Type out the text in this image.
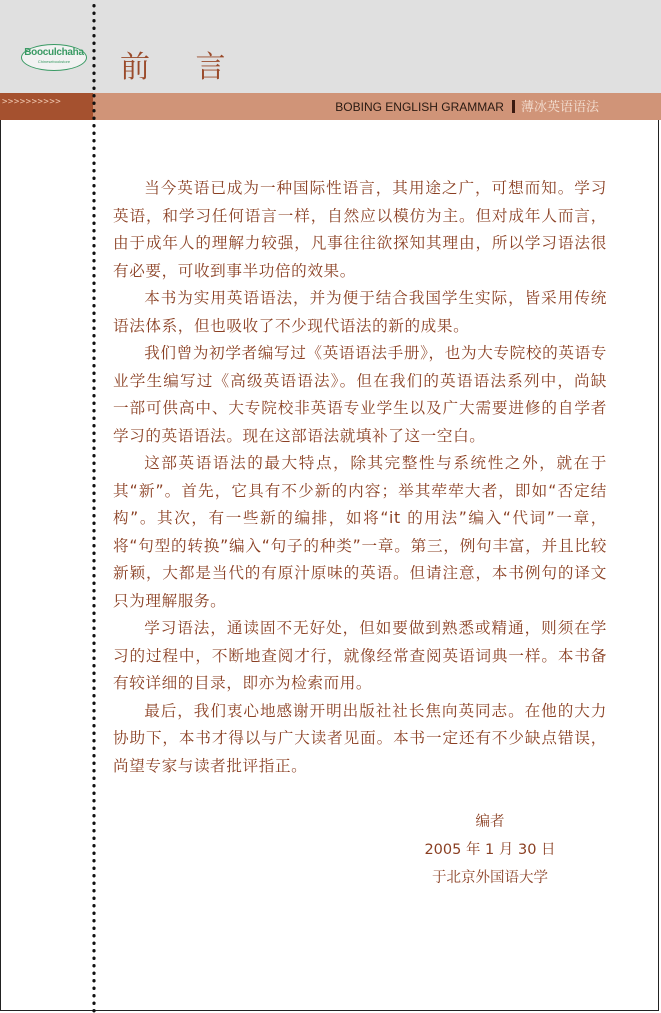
Booculchaha
Chinesebookstore	前 言
>>>>>>>>>>	BOBING ENGLISH GRAMMAR 薄冰英语语法

当今英语已成为一种国际性语言，其用途之广，可想而知。学习英语，和学习任何语言一样，自然应以模仿为主。但对成年人而言，由于成年人的理解力较强，凡事往往欲探知其理由，所以学习语法很有必要，可收到事半功倍的效果。

本书为实用英语语法，并为便于结合我国学生实际，皆采用传统语法体系，但也吸收了不少现代语法的新的成果。

我们曾为初学者编写过《英语语法手册》，也为大专院校的英语专业学生编写过《高级英语语法》。但在我们的英语语法系列中，尚缺一部可供高中、大专院校非英语专业学生以及广大需要进修的自学者学习的英语语法。现在这部语法就填补了这一空白。

这部英语语法的最大特点，除其完整性与系统性之外，就在于其“新”。首先，它具有不少新的内容；举其荦荦大者，即如“否定结构”。其次，有一些新的编排，如将“it 的用法”编入“代词”一章，将“句型的转换”编入“句子的种类”一章。第三，例句丰富，并且比较新颖，大都是当代的有原汁原味的英语。但请注意，本书例句的译文只为理解服务。

学习语法，通读固不无好处，但如要做到熟悉或精通，则须在学习的过程中，不断地查阅才行，就像经常查阅英语词典一样。本书备有较详细的目录，即亦为检索而用。

最后，我们衷心地感谢开明出版社社长焦向英同志。在他的大力协助下，本书才得以与广大读者见面。本书一定还有不少缺点错误，尚望专家与读者批评指正。

编者
2005 年 1 月 30 日
于北京外国语大学
